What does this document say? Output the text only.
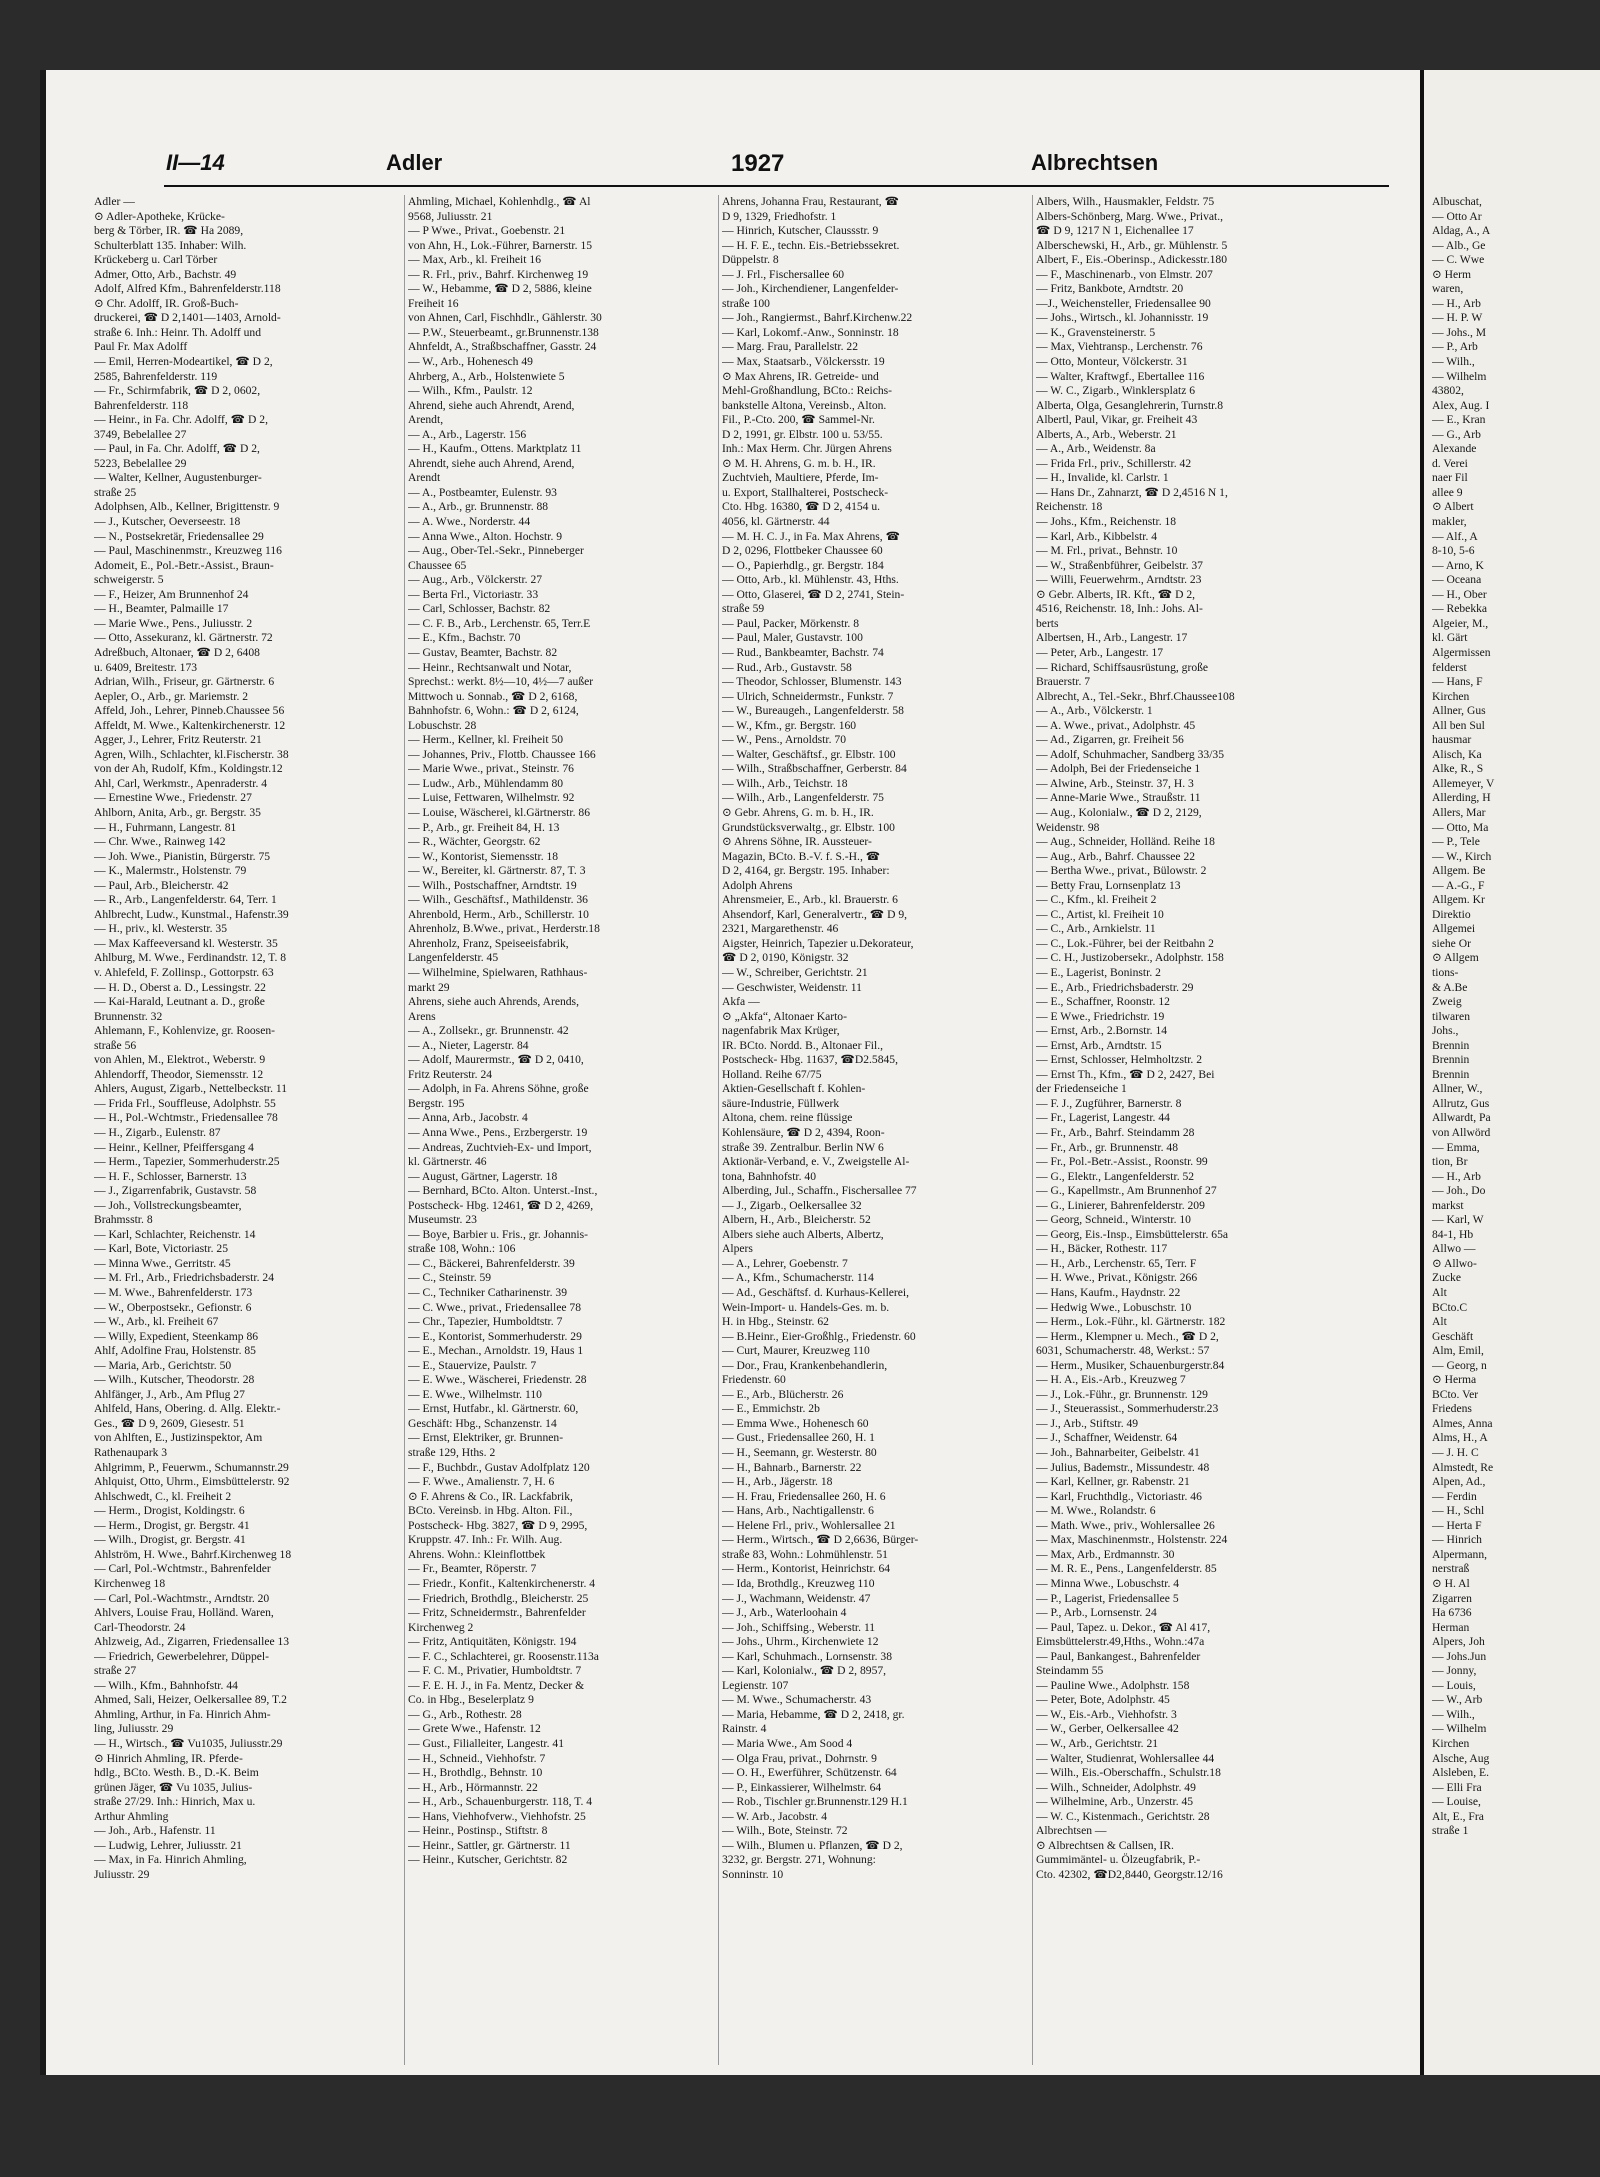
II—14	Adler	1927	Albrechtsen
Adler —
⊙ Adler-Apotheke, Krücke-
berg & Törber, IR. ☎ Ha 2089,
Schulterblatt 135. Inhaber: Wilh.
Krückeberg u. Carl Törber
Admer, Otto, Arb., Bachstr. 49
Adolf, Alfred Kfm., Bahrenfelderstr.118
⊙ Chr. Adolff, IR. Groß-Buch-
druckerei, ☎ D 2,1401—1403, Arnold-
straße 6. Inh.: Heinr. Th. Adolff und
Paul Fr. Max Adolff
— Emil, Herren-Modeartikel, ☎ D 2,
2585, Bahrenfelderstr. 119
— Fr., Schirmfabrik, ☎ D 2, 0602,
Bahrenfelderstr. 118
— Heinr., in Fa. Chr. Adolff, ☎ D 2,
3749, Bebelallee 27
— Paul, in Fa. Chr. Adolff, ☎ D 2,
5223, Bebelallee 29
— Walter, Kellner, Augustenburger-
straße 25
Adolphsen, Alb., Kellner, Brigittenstr. 9
— J., Kutscher, Oeverseestr. 18
— N., Postsekretär, Friedensallee 29
— Paul, Maschinenmstr., Kreuzweg 116
Adomeit, E., Pol.-Betr.-Assist., Braun-
schweigerstr. 5
— F., Heizer, Am Brunnenhof 24
— H., Beamter, Palmaille 17
— Marie Wwe., Pens., Juliusstr. 2
— Otto, Assekuranz, kl. Gärtnerstr. 72
Adreßbuch, Altonaer, ☎ D 2, 6408
u. 6409, Breitestr. 173
Adrian, Wilh., Friseur, gr. Gärtnerstr. 6
Aepler, O., Arb., gr. Mariemstr. 2
Affeld, Joh., Lehrer, Pinneb.Chaussee 56
Affeldt, M. Wwe., Kaltenkirchenerstr. 12
Agger, J., Lehrer, Fritz Reuterstr. 21
Agren, Wilh., Schlachter, kl.Fischerstr. 38
von der Ah, Rudolf, Kfm., Koldingstr.12
Ahl, Carl, Werkmstr., Apenraderstr. 4
— Ernestine Wwe., Friedenstr. 27
Ahlborn, Anita, Arb., gr. Bergstr. 35
— H., Fuhrmann, Langestr. 81
— Chr. Wwe., Rainweg 142
— Joh. Wwe., Pianistin, Bürgerstr. 75
— K., Malermstr., Holstenstr. 79
— Paul, Arb., Bleicherstr. 42
— R., Arb., Langenfelderstr. 64, Terr. 1
Ahlbrecht, Ludw., Kunstmal., Hafenstr.39
— H., priv., kl. Westerstr. 35
— Max Kaffeeversand kl. Westerstr. 35
Ahlburg, M. Wwe., Ferdinandstr. 12, T. 8
v. Ahlefeld, F. Zollinsp., Gottorpstr. 63
— H. D., Oberst a. D., Lessingstr. 22
— Kai-Harald, Leutnant a. D., große
Brunnenstr. 32
Ahlemann, F., Kohlenvize, gr. Roosen-
straße 56
von Ahlen, M., Elektrot., Weberstr. 9
Ahlendorff, Theodor, Siemensstr. 12
Ahlers, August, Zigarb., Nettelbeckstr. 11
— Frida Frl., Souffleuse, Adolphstr. 55
— H., Pol.-Wchtmstr., Friedensallee 78
— H., Zigarb., Eulenstr. 87
— Heinr., Kellner, Pfeiffersgang 4
— Herm., Tapezier, Sommerhuderstr.25
— H. F., Schlosser, Barnerstr. 13
— J., Zigarrenfabrik, Gustavstr. 58
— Joh., Vollstreckungsbeamter,
Brahmsstr. 8
— Karl, Schlachter, Reichenstr. 14
— Karl, Bote, Victoriastr. 25
— Minna Wwe., Gerritstr. 45
— M. Frl., Arb., Friedrichsbaderstr. 24
— M. Wwe., Bahrenfelderstr. 173
— W., Oberpostsekr., Gefionstr. 6
— W., Arb., kl. Freiheit 67
— Willy, Expedient, Steenkamp 86
Ahlf, Adolfine Frau, Holstenstr. 85
— Maria, Arb., Gerichtstr. 50
— Wilh., Kutscher, Theodorstr. 28
Ahlfänger, J., Arb., Am Pflug 27
Ahlfeld, Hans, Obering. d. Allg. Elektr.-
Ges., ☎ D 9, 2609, Giesestr. 51
von Ahlften, E., Justizinspektor, Am
Rathenaupark 3
Ahlgrimm, P., Feuerwm., Schumannstr.29
Ahlquist, Otto, Uhrm., Eimsbüttelerstr. 92
Ahlschwedt, C., kl. Freiheit 2
— Herm., Drogist, Koldingstr. 6
— Herm., Drogist, gr. Bergstr. 41
— Wilh., Drogist, gr. Bergstr. 41
Ahlström, H. Wwe., Bahrf.Kirchenweg 18
— Carl, Pol.-Wchtmstr., Bahrenfelder
Kirchenweg 18
— Carl, Pol.-Wachtmstr., Arndtstr. 20
Ahlvers, Louise Frau, Holländ. Waren,
Carl-Theodorstr. 24
Ahlzweig, Ad., Zigarren, Friedensallee 13
— Friedrich, Gewerbelehrer, Düppel-
straße 27
— Wilh., Kfm., Bahnhofstr. 44
Ahmed, Sali, Heizer, Oelkersallee 89, T.2
Ahmling, Arthur, in Fa. Hinrich Ahm-
ling, Juliusstr. 29
— H., Wirtsch., ☎ Vu1035, Juliusstr.29
⊙ Hinrich Ahmling, IR. Pferde-
hdlg., BCto. Westh. B., D.-K. Beim
grünen Jäger, ☎ Vu 1035, Julius-
straße 27/29. Inh.: Hinrich, Max u.
Arthur Ahmling
— Joh., Arb., Hafenstr. 11
— Ludwig, Lehrer, Juliusstr. 21
— Max, in Fa. Hinrich Ahmling,
Juliusstr. 29
Ahmling, Michael, Kohlenhdlg., ☎ Al
9568, Juliusstr. 21
— P Wwe., Privat., Goebenstr. 21
von Ahn, H., Lok.-Führer, Barnerstr. 15
— Max, Arb., kl. Freiheit 16
— R. Frl., priv., Bahrf. Kirchenweg 19
— W., Hebamme, ☎ D 2, 5886, kleine
Freiheit 16
von Ahnen, Carl, Fischhdlr., Gählerstr. 30
— P.W., Steuerbeamt., gr.Brunnenstr.138
Ahnfeldt, A., Straßbschaffner, Gasstr. 24
— W., Arb., Hohenesch 49
Ahrberg, A., Arb., Holstenwiete 5
— Wilh., Kfm., Paulstr. 12
Ahrend, siehe auch Ahrendt, Arend,
Arendt,
— A., Arb., Lagerstr. 156
— H., Kaufm., Ottens. Marktplatz 11
Ahrendt, siehe auch Ahrend, Arend,
Arendt
— A., Postbeamter, Eulenstr. 93
— A., Arb., gr. Brunnenstr. 88
— A. Wwe., Norderstr. 44
— Anna Wwe., Alton. Hochstr. 9
— Aug., Ober-Tel.-Sekr., Pinneberger
Chaussee 65
— Aug., Arb., Völckerstr. 27
— Berta Frl., Victoriastr. 33
— Carl, Schlosser, Bachstr. 82
— C. F. B., Arb., Lerchenstr. 65, Terr.E
— E., Kfm., Bachstr. 70
— Gustav, Beamter, Bachstr. 82
— Heinr., Rechtsanwalt und Notar,
Sprechst.: werkt. 8½—10, 4½—7 außer
Mittwoch u. Sonnab., ☎ D 2, 6168,
Bahnhofstr. 6, Wohn.: ☎ D 2, 6124,
Lobuschstr. 28
— Herm., Kellner, kl. Freiheit 50
— Johannes, Priv., Flottb. Chaussee 166
— Marie Wwe., privat., Steinstr. 76
— Ludw., Arb., Mühlendamm 80
— Luise, Fettwaren, Wilhelmstr. 92
— Louise, Wäscherei, kl.Gärtnerstr. 86
— P., Arb., gr. Freiheit 84, H. 13
— R., Wächter, Georgstr. 62
— W., Kontorist, Siemensstr. 18
— W., Bereiter, kl. Gärtnerstr. 87, T. 3
— Wilh., Postschaffner, Arndtstr. 19
— Wilh., Geschäftsf., Mathildenstr. 36
Ahrenbold, Herm., Arb., Schillerstr. 10
Ahrenholz, B.Wwe., privat., Herderstr.18
Ahrenholz, Franz, Speiseeisfabrik,
Langenfelderstr. 45
— Wilhelmine, Spielwaren, Rathhaus-
markt 29
Ahrens, siehe auch Ahrends, Arends,
Arens
— A., Zollsekr., gr. Brunnenstr. 42
— A., Nieter, Lagerstr. 84
— Adolf, Maurermstr., ☎ D 2, 0410,
Fritz Reuterstr. 24
— Adolph, in Fa. Ahrens Söhne, große
Bergstr. 195
— Anna, Arb., Jacobstr. 4
— Anna Wwe., Pens., Erzbergerstr. 19
— Andreas, Zuchtvieh-Ex- und Import,
kl. Gärtnerstr. 46
— August, Gärtner, Lagerstr. 18
— Bernhard, BCto. Alton. Unterst.-Inst.,
Postscheck- Hbg. 12461, ☎ D 2, 4269,
Museumstr. 23
— Boye, Barbier u. Fris., gr. Johannis-
straße 108, Wohn.: 106
— C., Bäckerei, Bahrenfelderstr. 39
— C., Steinstr. 59
— C., Techniker Catharinenstr. 39
— C. Wwe., privat., Friedensallee 78
— Chr., Tapezier, Humboldtstr. 7
— E., Kontorist, Sommerhuderstr. 29
— E., Mechan., Arnoldstr. 19, Haus 1
— E., Stauervize, Paulstr. 7
— E. Wwe., Wäscherei, Friedenstr. 28
— E. Wwe., Wilhelmstr. 110
— Ernst, Hutfabr., kl. Gärtnerstr. 60,
Geschäft: Hbg., Schanzenstr. 14
— Ernst, Elektriker, gr. Brunnen-
straße 129, Hths. 2
— F., Buchbdr., Gustav Adolfplatz 120
— F. Wwe., Amalienstr. 7, H. 6
⊙ F. Ahrens & Co., IR. Lackfabrik,
BCto. Vereinsb. in Hbg. Alton. Fil.,
Postscheck- Hbg. 3827, ☎ D 9, 2995,
Kruppstr. 47. Inh.: Fr. Wilh. Aug.
Ahrens. Wohn.: Kleinflottbek
— Fr., Beamter, Röperstr. 7
— Friedr., Konfit., Kaltenkirchenerstr. 4
— Friedrich, Brothdlg., Bleicherstr. 25
— Fritz, Schneidermstr., Bahrenfelder
Kirchenweg 2
— Fritz, Antiquitäten, Königstr. 194
— F. C., Schlachterei, gr. Roosenstr.113a
— F. C. M., Privatier, Humboldtstr. 7
— F. E. H. J., in Fa. Mentz, Decker &
Co. in Hbg., Beselerplatz 9
— G., Arb., Rothestr. 28
— Grete Wwe., Hafenstr. 12
— Gust., Filialleiter, Langestr. 41
— H., Schneid., Viehhofstr. 7
— H., Brothdlg., Behnstr. 10
— H., Arb., Hörmannstr. 22
— H., Arb., Schauenburgerstr. 118, T. 4
— Hans, Viehhofverw., Viehhofstr. 25
— Heinr., Postinsp., Stiftstr. 8
— Heinr., Sattler, gr. Gärtnerstr. 11
— Heinr., Kutscher, Gerichtstr. 82
Ahrens, Johanna Frau, Restaurant, ☎
D 9, 1329, Friedhofstr. 1
— Hinrich, Kutscher, Claussstr. 9
— H. F. E., techn. Eis.-Betriebssekret.
Düppelstr. 8
— J. Frl., Fischersallee 60
— Joh., Kirchendiener, Langenfelder-
straße 100
— Joh., Rangiermst., Bahrf.Kirchenw.22
— Karl, Lokomf.-Anw., Sonninstr. 18
— Marg. Frau, Parallelstr. 22
— Max, Staatsarb., Völckersstr. 19
⊙ Max Ahrens, IR. Getreide- und
Mehl-Großhandlung, BCto.: Reichs-
bankstelle Altona, Vereinsb., Alton.
Fil., P.-Cto. 200, ☎ Sammel-Nr.
D 2, 1991, gr. Elbstr. 100 u. 53/55.
Inh.: Max Herm. Chr. Jürgen Ahrens
⊙ M. H. Ahrens, G. m. b. H., IR.
Zuchtvieh, Maultiere, Pferde, Im-
u. Export, Stallhalterei, Postscheck-
Cto. Hbg. 16380, ☎ D 2, 4154 u.
4056, kl. Gärtnerstr. 44
— M. H. C. J., in Fa. Max Ahrens, ☎
D 2, 0296, Flottbeker Chaussee 60
— O., Papierhdlg., gr. Bergstr. 184
— Otto, Arb., kl. Mühlenstr. 43, Hths.
— Otto, Glaserei, ☎ D 2, 2741, Stein-
straße 59
— Paul, Packer, Mörkenstr. 8
— Paul, Maler, Gustavstr. 100
— Rud., Bankbeamter, Bachstr. 74
— Rud., Arb., Gustavstr. 58
— Theodor, Schlosser, Blumenstr. 143
— Ulrich, Schneidermstr., Funkstr. 7
— W., Bureaugeh., Langenfelderstr. 58
— W., Kfm., gr. Bergstr. 160
— W., Pens., Arnoldstr. 70
— Walter, Geschäftsf., gr. Elbstr. 100
— Wilh., Straßbschaffner, Gerberstr. 84
— Wilh., Arb., Teichstr. 18
— Wilh., Arb., Langenfelderstr. 75
⊙ Gebr. Ahrens, G. m. b. H., IR.
Grundstücksverwaltg., gr. Elbstr. 100
⊙ Ahrens Söhne, IR. Aussteuer-
Magazin, BCto. B.-V. f. S.-H., ☎
D 2, 4164, gr. Bergstr. 195. Inhaber:
Adolph Ahrens
Ahrensmeier, E., Arb., kl. Brauerstr. 6
Ahsendorf, Karl, Generalvertr., ☎ D 9,
2321, Margarethenstr. 46
Aigster, Heinrich, Tapezier u.Dekorateur,
☎ D 2, 0190, Königstr. 32
— W., Schreiber, Gerichtstr. 21
— Geschwister, Weidenstr. 11
Akfa —
⊙ „Akfa“, Altonaer Karto-
nagenfabrik Max Krüger,
IR. BCto. Nordd. B., Altonaer Fil.,
Postscheck- Hbg. 11637, ☎D2.5845,
Holland. Reihe 67/75
Aktien-Gesellschaft f. Kohlen-
säure-Industrie, Füllwerk
Altona, chem. reine flüssige
Kohlensäure, ☎ D 2, 4394, Roon-
straße 39. Zentralbur. Berlin NW 6
Aktionär-Verband, e. V., Zweigstelle Al-
tona, Bahnhofstr. 40
Alberding, Jul., Schaffn., Fischersallee 77
— J., Zigarb., Oelkersallee 32
Albern, H., Arb., Bleicherstr. 52
Albers siehe auch Alberts, Albertz,
Alpers
— A., Lehrer, Goebenstr. 7
— A., Kfm., Schumacherstr. 114
— Ad., Geschäftsf. d. Kurhaus-Kellerei,
Wein-Import- u. Handels-Ges. m. b.
H. in Hbg., Steinstr. 62
— B.Heinr., Eier-Großhlg., Friedenstr. 60
— Curt, Maurer, Kreuzweg 110
— Dor., Frau, Krankenbehandlerin,
Friedenstr. 60
— E., Arb., Blücherstr. 26
— E., Emmichstr. 2b
— Emma Wwe., Hohenesch 60
— Gust., Friedensallee 260, H. 1
— H., Seemann, gr. Westerstr. 80
— H., Bahnarb., Barnerstr. 22
— H., Arb., Jägerstr. 18
— H. Frau, Friedensallee 260, H. 6
— Hans, Arb., Nachtigallenstr. 6
— Helene Frl., priv., Wohlersallee 21
— Herm., Wirtsch., ☎ D 2,6636, Bürger-
straße 83, Wohn.: Lohmühlenstr. 51
— Herm., Kontorist, Heinrichstr. 64
— Ida, Brothdlg., Kreuzweg 110
— J., Wachmann, Weidenstr. 47
— J., Arb., Waterloohain 4
— Joh., Schiffsing., Weberstr. 11
— Johs., Uhrm., Kirchenwiete 12
— Karl, Schuhmach., Lornsenstr. 38
— Karl, Kolonialw., ☎ D 2, 8957,
Legienstr. 107
— M. Wwe., Schumacherstr. 43
— Maria, Hebamme, ☎ D 2, 2418, gr.
Rainstr. 4
— Maria Wwe., Am Sood 4
— Olga Frau, privat., Dohrnstr. 9
— O. H., Ewerführer, Schützenstr. 64
— P., Einkassierer, Wilhelmstr. 64
— Rob., Tischler gr.Brunnenstr.129 H.1
— W. Arb., Jacobstr. 4
— Wilh., Bote, Steinstr. 72
— Wilh., Blumen u. Pflanzen, ☎ D 2,
3232, gr. Bergstr. 271, Wohnung:
Sonninstr. 10
Albers, Wilh., Hausmakler, Feldstr. 75
Albers-Schönberg, Marg. Wwe., Privat.,
☎ D 9, 1217 N 1, Eichenallee 17
Alberschewski, H., Arb., gr. Mühlenstr. 5
Albert, F., Eis.-Oberinsp., Adickesstr.180
— F., Maschinenarb., von Elmstr. 207
— Fritz, Bankbote, Arndtstr. 20
—J., Weichensteller, Friedensallee 90
— Johs., Wirtsch., kl. Johannisstr. 19
— K., Gravensteinerstr. 5
— Max, Viehtransp., Lerchenstr. 76
— Otto, Monteur, Völckerstr. 31
— Walter, Kraftwgf., Ebertallee 116
— W. C., Zigarb., Winklersplatz 6
Alberta, Olga, Gesanglehrerin, Turnstr.8
Albertl, Paul, Vikar, gr. Freiheit 43
Alberts, A., Arb., Weberstr. 21
— A., Arb., Weidenstr. 8a
— Frida Frl., priv., Schillerstr. 42
— H., Invalide, kl. Carlstr. 1
— Hans Dr., Zahnarzt, ☎ D 2,4516 N 1,
Reichenstr. 18
— Johs., Kfm., Reichenstr. 18
— Karl, Arb., Kibbelstr. 4
— M. Frl., privat., Behnstr. 10
— W., Straßenbführer, Geibelstr. 37
— Willi, Feuerwehrm., Arndtstr. 23
⊙ Gebr. Alberts, IR. Kft., ☎ D 2,
4516, Reichenstr. 18, Inh.: Johs. Al-
berts
Albertsen, H., Arb., Langestr. 17
— Peter, Arb., Langestr. 17
— Richard, Schiffsausrüstung, große
Brauerstr. 7
Albrecht, A., Tel.-Sekr., Bhrf.Chaussee108
— A., Arb., Völckerstr. 1
— A. Wwe., privat., Adolphstr. 45
— Ad., Zigarren, gr. Freiheit 56
— Adolf, Schuhmacher, Sandberg 33/35
— Adolph, Bei der Friedenseiche 1
— Alwine, Arb., Steinstr. 37, H. 3
— Anne-Marie Wwe., Straußstr. 11
— Aug., Kolonialw., ☎ D 2, 2129,
Weidenstr. 98
— Aug., Schneider, Holländ. Reihe 18
— Aug., Arb., Bahrf. Chaussee 22
— Bertha Wwe., privat., Bülowstr. 2
— Betty Frau, Lornsenplatz 13
— C., Kfm., kl. Freiheit 2
— C., Artist, kl. Freiheit 10
— C., Arb., Arnkielstr. 11
— C., Lok.-Führer, bei der Reitbahn 2
— C. H., Justizobersekr., Adolphstr. 158
— E., Lagerist, Boninstr. 2
— E., Arb., Friedrichsbaderstr. 29
— E., Schaffner, Roonstr. 12
— E Wwe., Friedrichstr. 19
— Ernst, Arb., 2.Bornstr. 14
— Ernst, Arb., Arndtstr. 15
— Ernst, Schlosser, Helmholtzstr. 2
— Ernst Th., Kfm., ☎ D 2, 2427, Bei
der Friedenseiche 1
— F. J., Zugführer, Barnerstr. 8
— Fr., Lagerist, Langestr. 44
— Fr., Arb., Bahrf. Steindamm 28
— Fr., Arb., gr. Brunnenstr. 48
— Fr., Pol.-Betr.-Assist., Roonstr. 99
— G., Elektr., Langenfelderstr. 52
— G., Kapellmstr., Am Brunnenhof 27
— G., Linierer, Bahrenfelderstr. 209
— Georg, Schneid., Winterstr. 10
— Georg, Eis.-Insp., Eimsbüttelerstr. 65a
— H., Bäcker, Rothestr. 117
— H., Arb., Lerchenstr. 65, Terr. F
— H. Wwe., Privat., Königstr. 266
— Hans, Kaufm., Haydnstr. 22
— Hedwig Wwe., Lobuschstr. 10
— Herm., Lok.-Führ., kl. Gärtnerstr. 182
— Herm., Klempner u. Mech., ☎ D 2,
6031, Schumacherstr. 48, Werkst.: 57
— Herm., Musiker, Schauenburgerstr.84
— H. A., Eis.-Arb., Kreuzweg 7
— J., Lok.-Führ., gr. Brunnenstr. 129
— J., Steuerassist., Sommerhuderstr.23
— J., Arb., Stiftstr. 49
— J., Schaffner, Weidenstr. 64
— Joh., Bahnarbeiter, Geibelstr. 41
— Julius, Bademstr., Missundestr. 48
— Karl, Kellner, gr. Rabenstr. 21
— Karl, Fruchthdlg., Victoriastr. 46
— M. Wwe., Rolandstr. 6
— Math. Wwe., priv., Wohlersallee 26
— Max, Maschinenmstr., Holstenstr. 224
— Max, Arb., Erdmannstr. 30
— M. R. E., Pens., Langenfelderstr. 85
— Minna Wwe., Lobuschstr. 4
— P., Lagerist, Friedensallee 5
— P., Arb., Lornsenstr. 24
— Paul, Tapez. u. Dekor., ☎ Al 417,
Eimsbüttelerstr.49,Hths., Wohn.:47a
— Paul, Bankangest., Bahrenfelder
Steindamm 55
— Pauline Wwe., Adolphstr. 158
— Peter, Bote, Adolphstr. 45
— W., Eis.-Arb., Viehhofstr. 3
— W., Gerber, Oelkersallee 42
— W., Arb., Gerichtstr. 21
— Walter, Studienrat, Wohlersallee 44
— Wilh., Eis.-Oberschaffn., Schulstr.18
— Wilh., Schneider, Adolphstr. 49
— Wilhelmine, Arb., Unzerstr. 45
— W. C., Kistenmach., Gerichtstr. 28
Albrechtsen —
⊙ Albrechtsen & Callsen, IR.
Gummimäntel- u. Ölzeugfabrik, P.-
Cto. 42302, ☎D2,8440, Georgstr.12/16
Albuschat,
— Otto Ar
Aldag, A., A
— Alb., Ge
— C. Wwe
⊙ Herm
waren,
— H., Arb
— H. P. W
— Johs., M
— P., Arb
— Wilh.,
— Wilhelm
43802,
Alex, Aug. I
— E., Kran
— G., Arb
Alexande
d. Verei
naer Fil
allee 9
⊙ Albert
makler,
— Alf., A
8-10, 5-6
— Arno, K
— Oceana
— H., Ober
— Rebekka
Algeier, M.,
kl. Gärt
Algermissen
felderst
— Hans, F
Kirchen
Allner, Gus
All ben Sul
hausmar
Alisch, Ka
Alke, R., S
Allemeyer, V
Allerding, H
Allers, Mar
— Otto, Ma
— P., Tele
— W., Kirch
Allgem. Be
— A.-G., F
Allgem. Kr
Direktio
Allgemei
siehe Or
⊙ Allgem
tions-
& A.Be
Zweig
tilwaren
Johs.,
Brennin
Brennin
Brennin
Allner, W.,
Allrutz, Gus
Allwardt, Pa
von Allwörd
— Emma,
tion, Br
— H., Arb
— Joh., Do
markst
— Karl, W
84-1, Hb
Allwo —
⊙ Allwo-
Zucke
Alt
BCto.C
Alt
Geschäft
Alm, Emil,
— Georg, n
⊙ Herma
BCto. Ver
Friedens
Almes, Anna
Alms, H., A
— J. H. C
Almstedt, Re
Alpen, Ad.,
— Ferdin
— H., Schl
— Herta F
— Hinrich
Alpermann,
nerstraß
⊙ H. Al
Zigarren
Ha 6736
Herman
Alpers, Joh
— Johs.Jun
— Jonny,
— Louis,
— W., Arb
— Wilh.,
— Wilhelm
Kirchen
Alsche, Aug
Alsleben, E.
— Elli Fra
— Louise,
Alt, E., Fra
straße 1
